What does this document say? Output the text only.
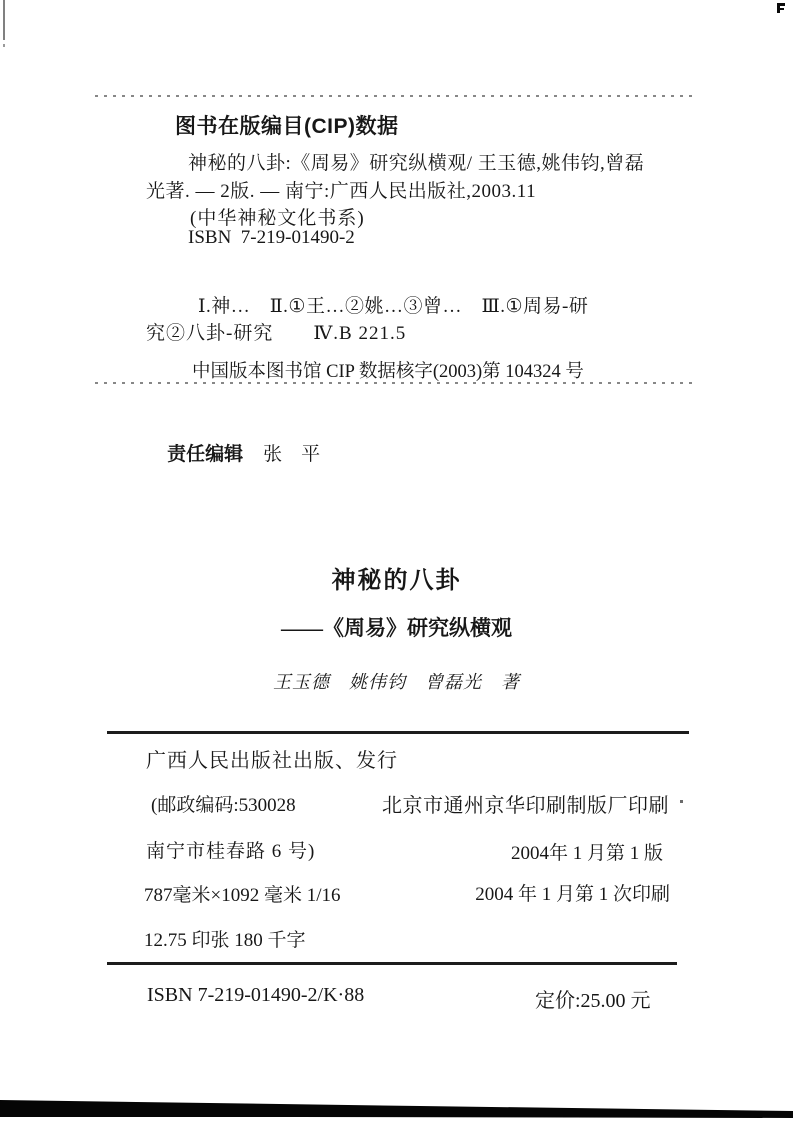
图书在版编目(CIP)数据
神秘的八卦:《周易》研究纵横观/ 王玉德,姚伟钧,曾磊
光著. — 2版. — 南宁:广西人民出版社,2003.11
(中华神秘文化书系)
ISBN  7-219-01490-2
Ⅰ.神…　Ⅱ.①王…②姚…③曾…　Ⅲ.①周易-研
究②八卦-研究　　Ⅳ.B 221.5
中国版本图书馆 CIP 数据核字(2003)第 104324 号

责任编辑 张　平

神秘的八卦
——《周易》研究纵横观
王玉德　姚伟钧　曾磊光　著
广西人民出版社出版、发行
(邮政编码:530028	北京市通州京华印刷制版厂印刷
南宁市桂春路 6 号)	2004年 1 月第 1 版
787毫米×1092 毫米 1/16	2004 年 1 月第 1 次印刷
12.75 印张 180 千字
ISBN 7-219-01490-2/K·88	定价:25.00 元
